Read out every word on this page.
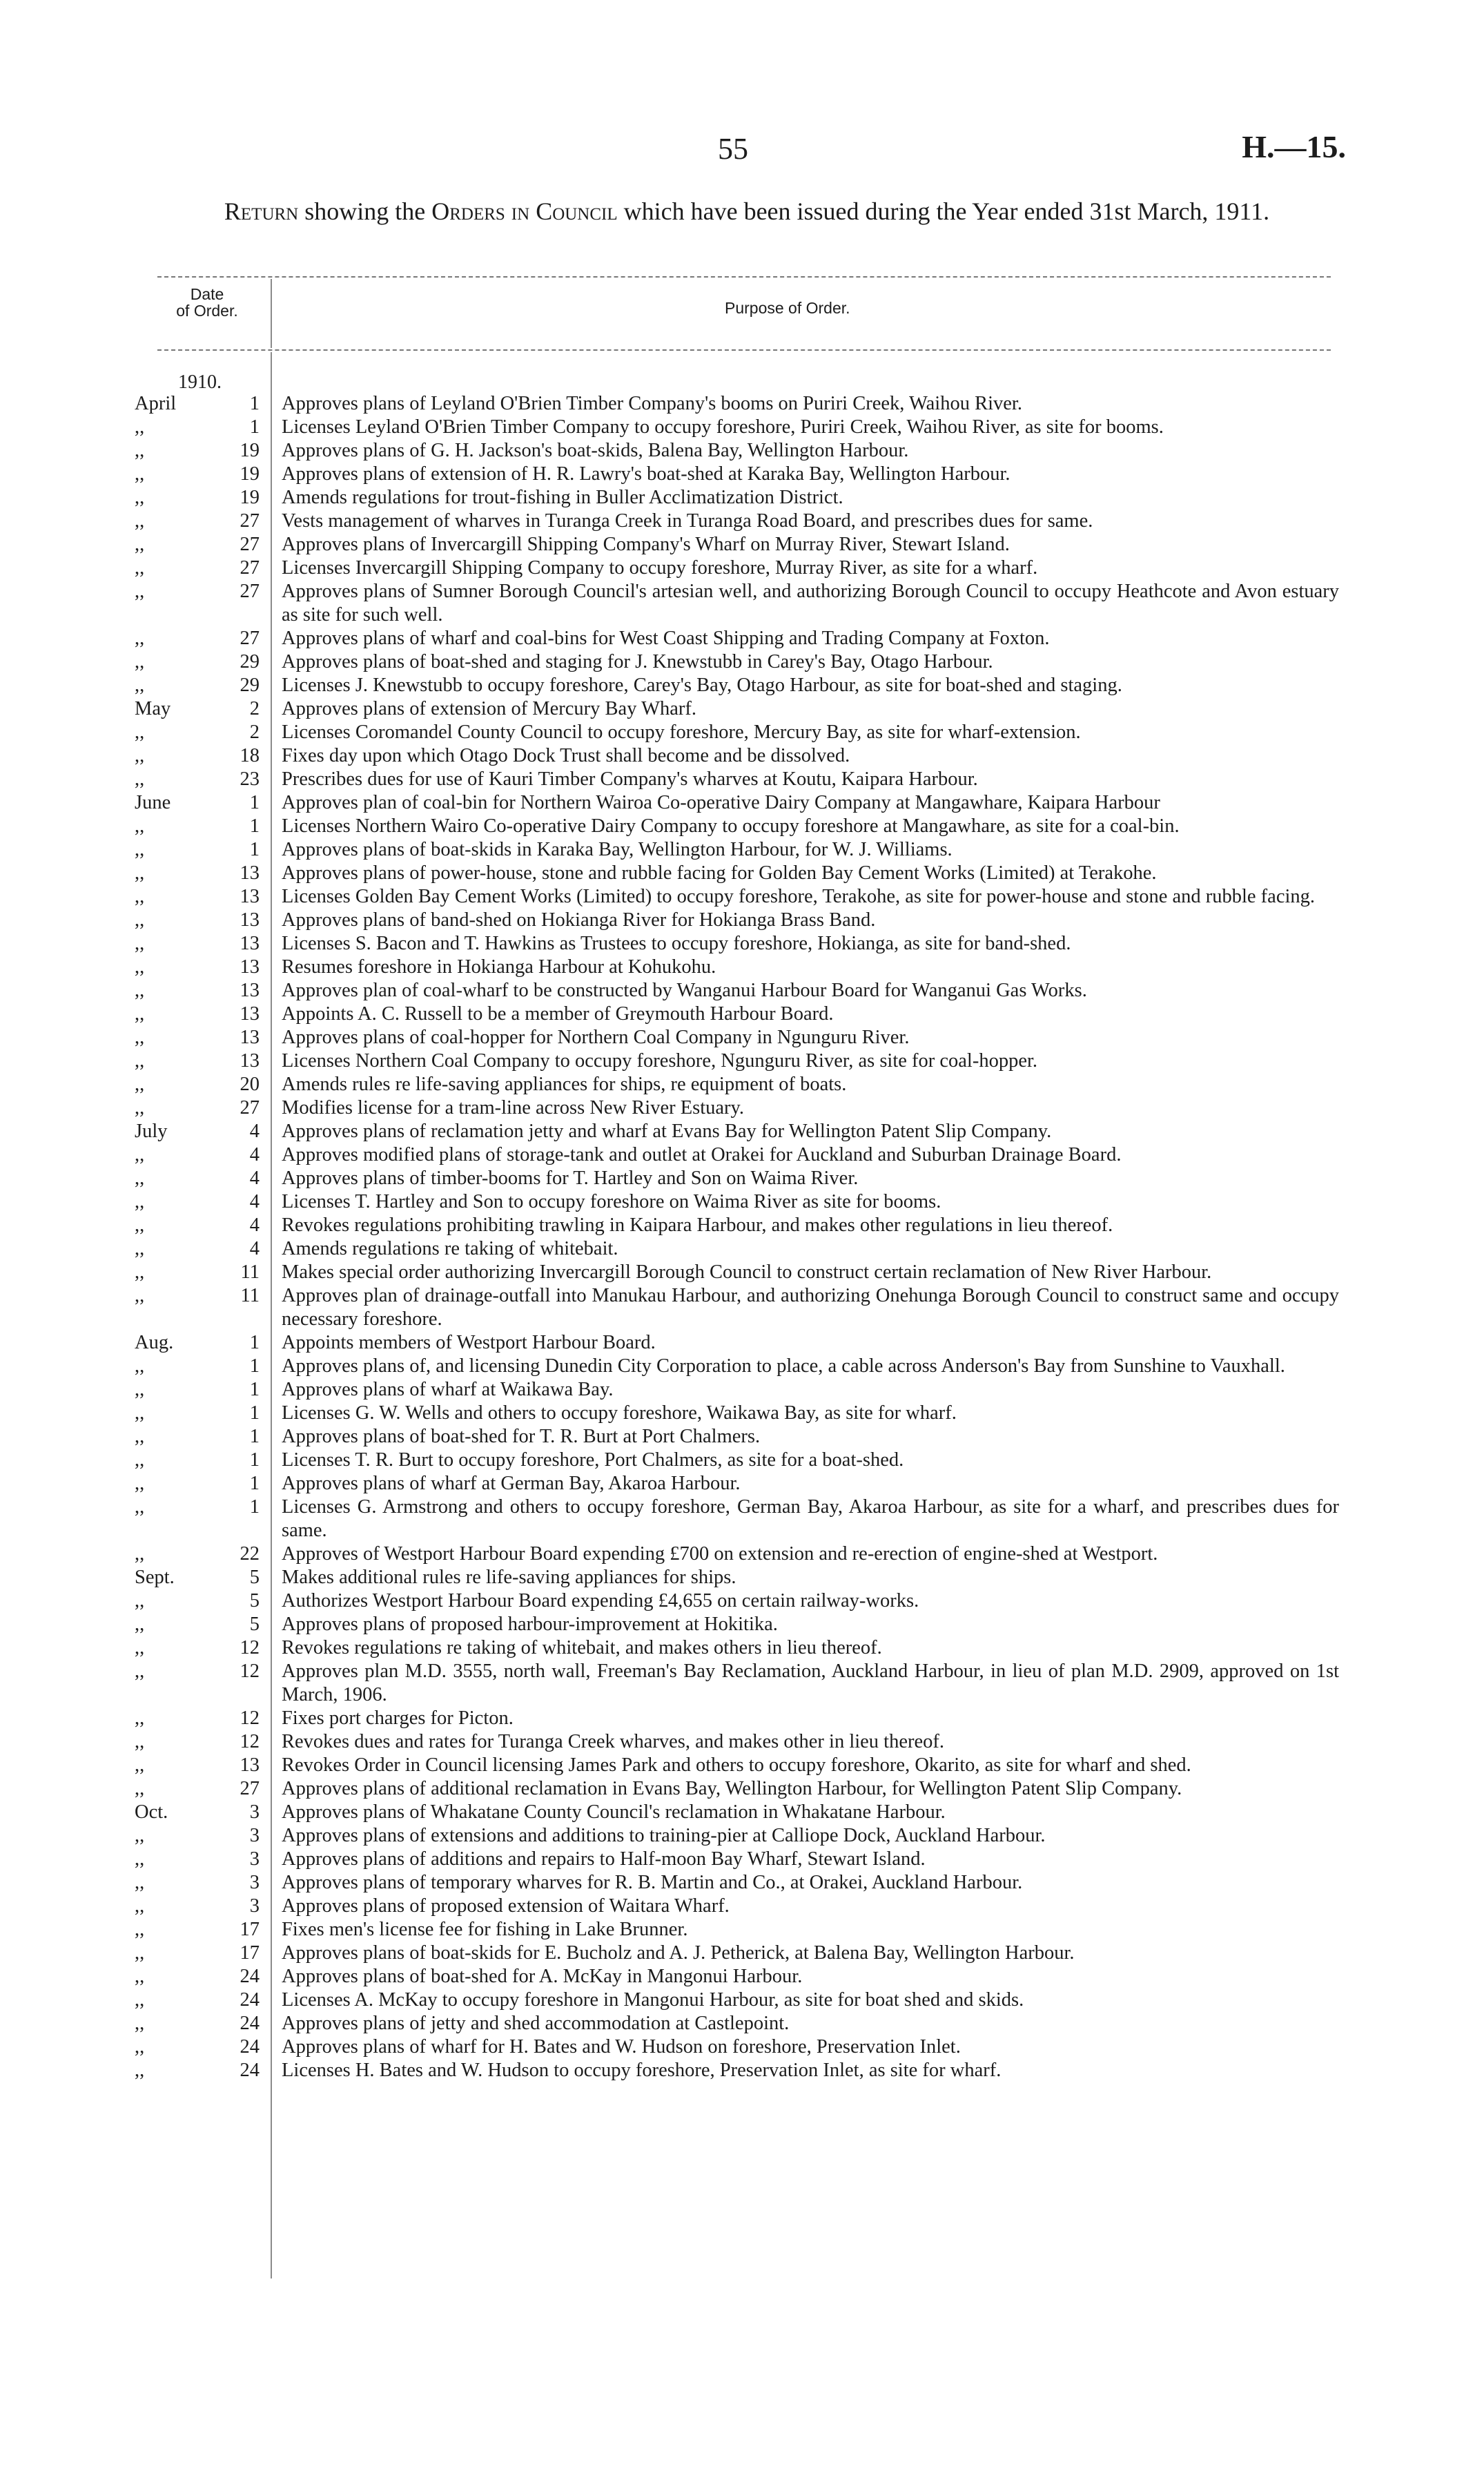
55	H.—15.
Return showing the Orders in Council which have been issued during the Year ended 31st March, 1911.
Date
of Order.	Purpose of Order.
1910.
April	1 Approves plans of Leyland O'Brien Timber Company's booms on Puriri Creek, Waihou River.
,,	1 Licenses Leyland O'Brien Timber Company to occupy foreshore, Puriri Creek, Waihou River, as site for booms.
,,	19 Approves plans of G. H. Jackson's boat-skids, Balena Bay, Wellington Harbour.
,,	19 Approves plans of extension of H. R. Lawry's boat-shed at Karaka Bay, Wellington Harbour.
,,	19 Amends regulations for trout-fishing in Buller Acclimatization District.
,,	27 Vests management of wharves in Turanga Creek in Turanga Road Board, and prescribes dues for same.
,,	27 Approves plans of Invercargill Shipping Company's Wharf on Murray River, Stewart Island.
,,	27 Licenses Invercargill Shipping Company to occupy foreshore, Murray River, as site for a wharf.
,,	27 Approves plans of Sumner Borough Council's artesian well, and authorizing Borough Council to occupy Heathcote and Avon estuary as site for such well.
,,	27 Approves plans of wharf and coal-bins for West Coast Shipping and Trading Company at Foxton.
,,	29 Approves plans of boat-shed and staging for J. Knewstubb in Carey's Bay, Otago Harbour.
,,	29 Licenses J. Knewstubb to occupy foreshore, Carey's Bay, Otago Harbour, as site for boat-shed and staging.
May	2 Approves plans of extension of Mercury Bay Wharf.
,,	2 Licenses Coromandel County Council to occupy foreshore, Mercury Bay, as site for wharf-extension.
,,	18 Fixes day upon which Otago Dock Trust shall become and be dissolved.
,,	23 Prescribes dues for use of Kauri Timber Company's wharves at Koutu, Kaipara Harbour.
June	1 Approves plan of coal-bin for Northern Wairoa Co-operative Dairy Company at Mangawhare, Kaipara Harbour
,,	1 Licenses Northern Wairo Co-operative Dairy Company to occupy foreshore at Mangawhare, as site for a coal-bin.
,,	1 Approves plans of boat-skids in Karaka Bay, Wellington Harbour, for W. J. Williams.
,,	13 Approves plans of power-house, stone and rubble facing for Golden Bay Cement Works (Limited) at Terakohe.
,,	13 Licenses Golden Bay Cement Works (Limited) to occupy foreshore, Terakohe, as site for power-house and stone and rubble facing.
,,	13 Approves plans of band-shed on Hokianga River for Hokianga Brass Band.
,,	13 Licenses S. Bacon and T. Hawkins as Trustees to occupy foreshore, Hokianga, as site for band-shed.
,,	13 Resumes foreshore in Hokianga Harbour at Kohukohu.
,,	13 Approves plan of coal-wharf to be constructed by Wanganui Harbour Board for Wanganui Gas Works.
,,	13 Appoints A. C. Russell to be a member of Greymouth Harbour Board.
,,	13 Approves plans of coal-hopper for Northern Coal Company in Ngunguru River.
,,	13 Licenses Northern Coal Company to occupy foreshore, Ngunguru River, as site for coal-hopper.
,,	20 Amends rules re life-saving appliances for ships, re equipment of boats.
,,	27 Modifies license for a tram-line across New River Estuary.
July	4 Approves plans of reclamation jetty and wharf at Evans Bay for Wellington Patent Slip Company.
,,	4 Approves modified plans of storage-tank and outlet at Orakei for Auckland and Suburban Drainage Board.
,,	4 Approves plans of timber-booms for T. Hartley and Son on Waima River.
,,	4 Licenses T. Hartley and Son to occupy foreshore on Waima River as site for booms.
,,	4 Revokes regulations prohibiting trawling in Kaipara Harbour, and makes other regulations in lieu thereof.
,,	4 Amends regulations re taking of whitebait.
,,	11 Makes special order authorizing Invercargill Borough Council to construct certain reclamation of New River Harbour.
,,	11 Approves plan of drainage-outfall into Manukau Harbour, and authorizing Onehunga Borough Council to construct same and occupy necessary foreshore.
Aug.	1 Appoints members of Westport Harbour Board.
,,	1 Approves plans of, and licensing Dunedin City Corporation to place, a cable across Anderson's Bay from Sunshine to Vauxhall.
,,	1 Approves plans of wharf at Waikawa Bay.
,,	1 Licenses G. W. Wells and others to occupy foreshore, Waikawa Bay, as site for wharf.
,,	1 Approves plans of boat-shed for T. R. Burt at Port Chalmers.
,,	1 Licenses T. R. Burt to occupy foreshore, Port Chalmers, as site for a boat-shed.
,,	1 Approves plans of wharf at German Bay, Akaroa Harbour.
,,	1 Licenses G. Armstrong and others to occupy foreshore, German Bay, Akaroa Harbour, as site for a wharf, and prescribes dues for same.
,,	22 Approves of Westport Harbour Board expending £700 on extension and re-erection of engine-shed at Westport.
Sept.	5 Makes additional rules re life-saving appliances for ships.
,,	5 Authorizes Westport Harbour Board expending £4,655 on certain railway-works.
,,	5 Approves plans of proposed harbour-improvement at Hokitika.
,,	12 Revokes regulations re taking of whitebait, and makes others in lieu thereof.
,,	12 Approves plan M.D. 3555, north wall, Freeman's Bay Reclamation, Auckland Harbour, in lieu of plan M.D. 2909, approved on 1st March, 1906.
,,	12 Fixes port charges for Picton.
,,	12 Revokes dues and rates for Turanga Creek wharves, and makes other in lieu thereof.
,,	13 Revokes Order in Council licensing James Park and others to occupy foreshore, Okarito, as site for wharf and shed.
,,	27 Approves plans of additional reclamation in Evans Bay, Wellington Harbour, for Wellington Patent Slip Company.
Oct.	3 Approves plans of Whakatane County Council's reclamation in Whakatane Harbour.
,,	3 Approves plans of extensions and additions to training-pier at Calliope Dock, Auckland Harbour.
,,	3 Approves plans of additions and repairs to Half-moon Bay Wharf, Stewart Island.
,,	3 Approves plans of temporary wharves for R. B. Martin and Co., at Orakei, Auckland Harbour.
,,	3 Approves plans of proposed extension of Waitara Wharf.
,,	17 Fixes men's license fee for fishing in Lake Brunner.
,,	17 Approves plans of boat-skids for E. Bucholz and A. J. Petherick, at Balena Bay, Wellington Harbour.
,,	24 Approves plans of boat-shed for A. McKay in Mangonui Harbour.
,,	24 Licenses A. McKay to occupy foreshore in Mangonui Harbour, as site for boat shed and skids.
,,	24 Approves plans of jetty and shed accommodation at Castlepoint.
,,	24 Approves plans of wharf for H. Bates and W. Hudson on foreshore, Preservation Inlet.
,,	24 Licenses H. Bates and W. Hudson to occupy foreshore, Preservation Inlet, as site for wharf.
